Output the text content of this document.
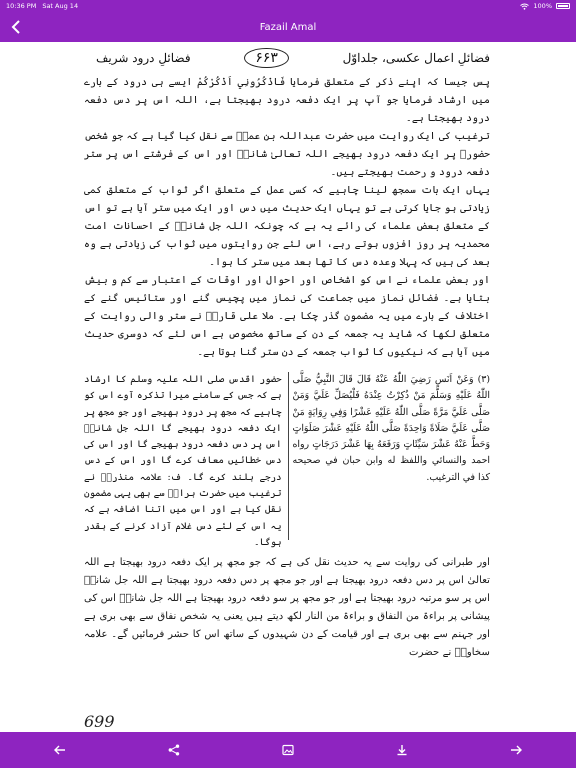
10:36 PM Sat Aug 14	100%
Fazail Amal
فضائلِ اعمال عکسی، جلداوّل
۶۶۳
فضائلِ درود شریف

پس جیسا کہ اپنے ذکر کے متعلق فرمایا فَاذْكُرُونِي اَذْكُرْكُمْ ایسے ہی درود کے بارے میں ارشاد فرمایا جو آپ پر ایک دفعہ درود بھیجتا ہے، اللہ اس پر دس دفعہ درود بھیجتا ہے۔

ترغیب کی ایک روایت میں حضرت عبداللہ بن عمرؓ سے نقل کیا گیا ہے کہ جو شخص حضورﷺ پر ایک دفعہ درود بھیجے اللہ تعالیٰ شانہٗ اور اس کے فرشتے اس پر ستر دفعہ درود و رحمت بھیجتے ہیں۔

یہاں ایک بات سمجھ لینا چاہیے کہ کسی عمل کے متعلق اگر ثواب کے متعلق کمی زیادتی ہو جایا کرتی ہے تو یہاں ایک حدیث میں دس اور ایک میں ستر آیا ہے تو اس کے متعلق بعض علماء کی رائے یہ ہے کہ چونکہ اللہ جل شانہٗ کے احسانات امت محمدیہ پر روز افزوں ہوتے رہے، اس لئے جن روایتوں میں ثواب کی زیادتی ہے وہ بعد کی ہیں کہ پہلا وعدہ دس کا تھا بعد میں ستر کا ہوا۔

اور بعض علماء نے اس کو اشخاص اور احوال اور اوقات کے اعتبار سے کم و بیش بتایا ہے۔ فضائل نماز میں جماعت کی نماز میں پچیس گنے اور ستائیس گنے کے اختلاف کے بارے میں یہ مضمون گذر چکا ہے۔ ملا علی قاریؒ نے ستر والی روایت کے متعلق لکھا کہ شاید یہ جمعہ کے دن کے ساتھ مخصوص ہے اس لئے کہ دوسری حدیث میں آیا ہے کہ نیکیوں کا ثواب جمعہ کے دن ستر گنا ہوتا ہے۔

(۳) وَعَنْ اَنَسٍ رَضِيَ اللّٰهُ عَنْهُ قَالَ قَالَ النَّبِيُّ صَلَّى اللّٰهُ عَلَيْهِ وَسَلَّمَ مَنْ ذُكِرْتُ عِنْدَهُ فَلْيُصَلِّ عَلَيَّ وَمَنْ صَلَّى عَلَيَّ مَرَّةً صَلَّى اللّٰهُ عَلَيْهِ عَشْرًا وَفِي رِوَايَةٍ مَنْ صَلَّى عَلَيَّ صَلَاةً وَاحِدَةً صَلَّى اللّٰهُ عَلَيْهِ عَشْرَ صَلَوَاتٍ وَحَطَّ عَنْهُ عَشْرَ سَيِّئَاتٍ وَرَفَعَهُ بِهَا عَشْرَ دَرَجَاتٍ رواه احمد والنسائي واللفظ له وابن حبان في صحيحه كذا في الترغيب.
حضور اقدس صلی اللہ علیہ وسلم کا ارشاد ہے کہ جس کے سامنے میرا تذکرہ آوے اس کو چاہیے کہ مجھ پر درود بھیجے اور جو مجھ پر ایک دفعہ درود بھیجے گا اللہ جل شانہٗ اس پر دس دفعہ درود بھیجے گا اور اس کی دس خطائیں معاف کرے گا اور اس کے دس درجے بلند کرے گا۔ ف: علامہ منذریؒ نے ترغیب میں حضرت براءؓ سے بھی یہی مضمون نقل کیا ہے اور اس میں اتنا اضافہ ہے کہ یہ اس کے لئے دس غلام آزاد کرنے کے بقدر ہوگا۔

اور طبرانی کی روایت سے یہ حدیث نقل کی ہے کہ جو مجھ پر ایک دفعہ درود بھیجتا ہے اللہ تعالیٰ اس پر دس دفعہ درود بھیجتا ہے اور جو مجھ پر دس دفعہ درود بھیجتا ہے اللہ جل شانہٗ اس پر سو مرتبہ درود بھیجتا ہے اور جو مجھ پر سو دفعہ درود بھیجتا ہے اللہ جل شانہٗ اس کی پیشانی پر براءۃ من النفاق و براءۃ من النار لکھ دیتے ہیں یعنی یہ شخص نفاق سے بھی بری ہے اور جہنم سے بھی بری ہے اور قیامت کے دن شہیدوں کے ساتھ اس کا حشر فرمائیں گے۔ علامہ سخاویؒ نے حضرت

699
